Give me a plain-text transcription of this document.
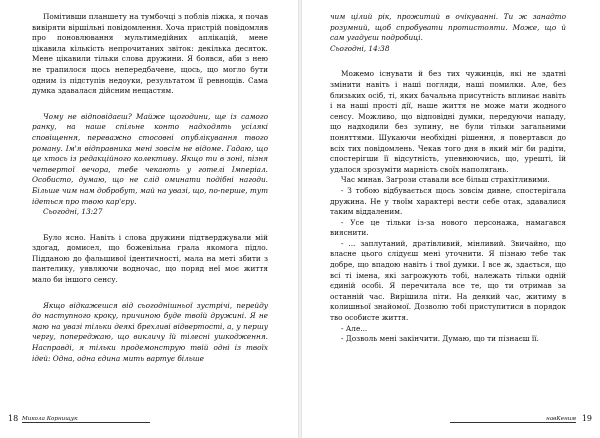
Помітивши планшету на тумбочці з поблів ліжка, я почав вивіряти віршільні повідомлення. Хоча пристрій повідомляв про поновлювання мультимедійних аплікацій, мене цікавила кількість непрочитаних звіток: декілька десяток. Мене цікавили тільки слова дружини. Я боявся, аби з нею не трапилося щось непередбачене, щось, що могло бути одним із підступів недоуки, результатом її ревнощів. Сама думка здавалася дійсним нещастям.

Чому не відповідаєш? Майже щогодини, ще із самого ранку, на наше спільне конто надходять усілякі сповіщення, переважно стосовні опублікування твого роману. Ім'я відправника мені зовсім не відоме. Гадаю, що це хтось із редакційного колективу. Якщо ти в зоні, пізня четвертої вечора, тебе чекають у готелі Імперіал. Особисто, думаю, що не слід оминати подібні нагоди. Більше чим нам добробут, май на увазі, що, по-перше, тут ідеться про твою кар'єру.

Сьогодні, 13:27

Було ясно. Навіть і слова дружини підтверджували мій здогад, домисел, що божевільна грала якомога підло. Підданою до фальшивої ідентичності, мала на меті збити з пантелику, уявляючи водночас, що поряд неї моє життя мало би іншого сенсу.

Якщо відкажешся від сьогоднішньої зустрічі, перейду до наступного кроку, причиною буде твоїй дружині. Я не маю на увазі тільки деякі брехливі відвертості, а, у першу чергу, попереджаю, що викличу їй тілесні ушкодження. Насправді, я тільки продемонструю твій одні із твоїх ідей: Одна, одна єдина мить вартує більше

18 Микола Корнищук

чим цілий рік, прожитий в очікуванні. Ти ж занадто розумний, щоб спробувати протистояти. Може, що й сам угадуєш подробиці.

Сьогодні, 14:38

Можемо існувати й без тих чужинців, які не здатні змінити навіть і наші погляди, наші помилки. Але, без близьких осіб, ті, яких бачальна присутність вплинає навіть і на наші прості дії, наше життя не може мати жодного сенсу. Можливо, що відповідні думки, передуючи нападу, що надходили без зупину, не були тільки загальними поняттями. Шукаючи необхідні рішення, я повертався до всіх тих повідомлень. Чекав того дня в який міг би радіти, спостерігши її відсутність, упевнюючись, що, урешті, їй удалося зрозуміти марність своїх наполягань.

Час минав. Загрози ставали все більш страхітливими.

- З тобою відбувається щось зовсім дивне, спостерігала дружина. Не у твоїм характері вести себе отак, здавалися таким віддаленим.

- Усе це тільки із-за нового персонажа, намагався вияснити.

- ... заплутаний, дратівливий, мінливий. Звичайно, що власне цього слідуєш мені уточнити. Я пізнаю тебе так добре, що впадою навіть і твої думки. І все ж, здається, що всі ті імена, які загрожують тобі, належать тільки одній єдиній особі. Я перечитала все те, що ти отримав за останній час. Вирішила піти. На деякий час, житиму в колишньої знайомої. Дозволю тобі приступитися в порядок тво особисте життя.

- Але...

- Дозволь мені закінчити. Думаю, що ти пізнаєш її.

навКеним 19
